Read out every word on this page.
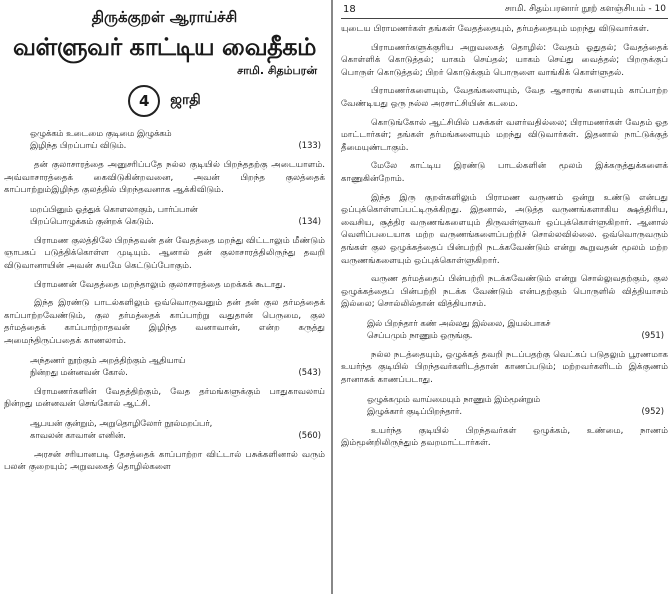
திருக்குறள் ஆராய்ச்சி
வள்ளுவர் காட்டிய வைதீகம்
சாமி. சிதம்பரன்
4	ஜாதி
ஒழுக்கம் உடைமை குடிமை இழுக்கம்
இழிந்த பிறப்பாய் விடும்.	(133)

தன் குலாசாரத்தை அனுசரிப்பதே நல்ல குடியில் பிறந்ததற்கு அடையாளம். அவ்வாசாரத்தைக் கைவிடுகின்றவனை, அவன் பிறந்த குலத்தைக் காப்பாற்றும்இழிந்த குலத்தில் பிறந்தவனாக ஆக்கிவிடும்.

மறப்பினும் ஓத்துக் கொளலாகும், பார்ப்பான்
பிறப்பொழுக்கம் குன்றக் கெடும்.	(134)

பிராமண குலத்திலே பிறந்தவன் தன் வேதத்தை மறந்து விட்டாலும் மீண்டும் ஞாபகப் படுத்திக்கொள்ள முடியும். ஆனால் தன் குலாசாரத்திலிருந்து தவறி விடுவானாயின் அவன் சுயமே கெட்டுப்போகும்.

பிராமணன் வேதத்தை மறந்தாலும் குலாசாரத்தை மறக்கக் கூடாது.

இந்த இரண்டு பாடல்களிலும் ஒவ்வொருவனும் தன் தன் குல தர்மத்தைக் காப்பாற்றவேண்டும், குல தர்மத்தைக் காப்பாற்று வதுதான் பெருமை, குல தர்மத்தைக் காப்பாற்றாதவன் இழிந்த வனாவான், என்ற கருத்து அமைந்திருப்பதைக் காணலாம்.

அந்தணர் நூற்கும் அறத்திற்கும் ஆதியாய்
நின்றது மன்னவன் கோல்.	(543)

பிராமணர்களின் வேதத்திற்கும், வேத தர்மங்களுக்கும் பாதுகாவலாய் நின்றது மன்னவன் செங்கோல் ஆட்சி.

ஆபயன் குன்றும், அறுதொழிலோர் நூல்மறப்பர்,
காவலன் காவான் எனின்.	(560)

அரசன் சரியானபடி தேசத்தைக் காப்பாற்றா விட்டால் பசுக்களினால் வரும் பலன் குறையும்; அறுவகைத் தொழில்களை

18	சாமி. சிதம்பரனார் நூற் களஞ்சியம் - 10

யுடைய பிராமணர்கள் தங்கள் வேதத்தையும், தர்மத்தையும் மறந்து விடுவார்கள்.

பிராமணர்களுக்குரிய அறுவகைத் தொழில்: வேதம் ஓதுதல்; வேதத்தைக் கொள்ளிக் கொடுத்தல்; யாகம் செய்தல்; யாகம் செய்து வைத்தல்; பிறருக்குப் பொருள் கொடுத்தல்; பிறர் கொடுக்கும் பொருளை வாங்கிக் கொள்ளுதல்.

பிராமணர்களையும், வேதங்களையும், வேத ஆசாரங் களையும் காப்பாற்ற வேண்டியது ஒரு நல்ல அரசாட்சியின் கடமை.

கொடுங்கோல் ஆட்சியில் பசுக்கள் வளர்வதில்லை; பிராமணர்கள் வேதம் ஓத மாட்டார்கள்; தங்கள் தர்மங்களையும் மறந்து விடுவார்கள். இதனால் நாட்டுக்குத் தீமையுண்டாகும்.

மேலே காட்டிய இரண்டு பாடல்களின் மூலம் இக்கருத்துக்களைக் காணுகின்றோம்.

இந்த இரு குறள்களிலும் பிராமண வருணம் ஒன்று உண்டு என்பது ஒப்புக்கொள்ளப்பட்டிருக்கிறது. இதனால், அடுத்த வருணங்களாகிய க்ஷத்திரிய, வைசிய, சூத்திர வருணங்களையும் திருவள்ளுவர் ஒப்புக்கொள்ளுகிறார். ஆனால் வெளிப்படையாக மற்ற வருணங்களைப்பற்றிச் சொல்லவில்லை. ஒவ்வொருவரும் தங்கள் குல ஒழுக்கத்தைப் பின்பற்றி நடக்கவேண்டும் என்று கூறுவதன் மூலம் மற்ற வருணங்களையும் ஒப்புக்கொள்ளுகிறார்.

வருண தர்மத்தைப் பின்பற்றி நடக்கவேண்டும் என்று சொல்லுவதற்கும், குல ஒழுக்கத்தைப் பின்பற்றி நடக்க வேண்டும் என்பதற்கும் பொருளில் வித்தியாசம் இல்லை; சொல்லில்தான் வித்தியாசம்.

இல் பிறந்தார் கண் அல்லது இல்லை, இயல்பாகச்
செப்பமும் நாணும் ஒருங்கு.	(951)

நல்ல நடத்தையும், ஒழுக்கத் தவறி நடப்பதற்கு வெட்கப் படுதலும் பூரணமாக உயர்ந்த குடியில் பிறந்தவர்களிடத்தான் காணப்படும்; மற்றவர்களிடம் இக்குணம் தானாகக் காணப்படாது.

ஒழுக்கமும் வாய்மையும் நாணும் இம்மூன்றும்
இழுக்கார் குடிப்பிறந்தார்.	(952)

உயர்ந்த குடியில் பிறந்தவர்கள் ஒழுக்கம், உண்மை, நாணம் இம்மூன்றிலிருந்தும் தவறமாட்டார்கள்.
